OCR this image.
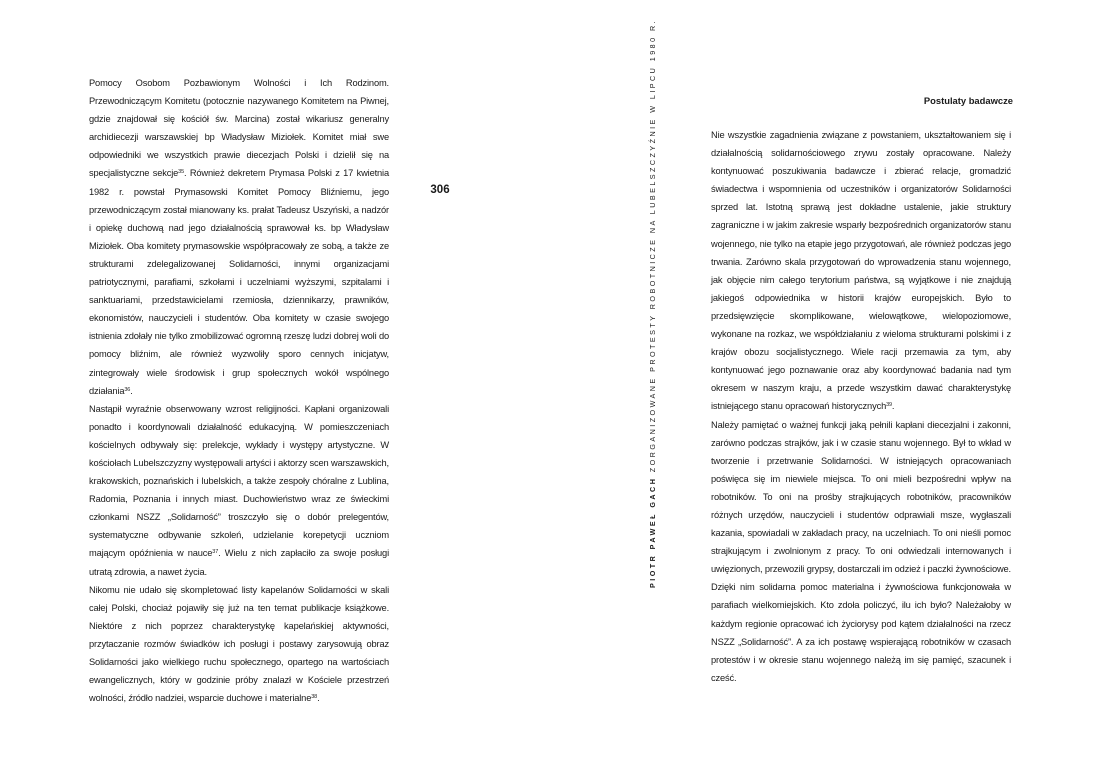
Pomocy Osobom Pozbawionym Wolności i Ich Rodzinom. Przewodniczącym Komitetu (potocznie nazywanego Komitetem na Piwnej, gdzie znajdował się kościół św. Marcina) został wikariusz generalny archidiecezji warszawskiej bp Władysław Miziołek. Komitet miał swe odpowiedniki we wszystkich prawie diecezjach Polski i dzielił się na specjalistyczne sekcje$^{35}$. Również dekretem Prymasa Polski z 17 kwietnia 1982 r. powstał Prymasowski Komitet Pomocy Bliźniemu, jego przewodniczącym został mianowany ks. prałat Tadeusz Uszyński, a nadzór i opiekę duchową nad jego działalnością sprawował ks. bp Władysław Miziołek. Oba komitety prymasowskie współpracowały ze sobą, a także ze strukturami zdelegalizowanej Solidarności, innymi organizacjami patriotycznymi, parafiami, szkołami i uczelniami wyższymi, szpitalami i sanktuariami, przedstawicielami rzemiosła, dziennikarzy, prawników, ekonomistów, nauczycieli i studentów. Oba komitety w czasie swojego istnienia zdołały nie tylko zmobilizować ogromną rzeszę ludzi dobrej woli do pomocy bliźnim, ale również wyzwoliły sporo cennych inicjatyw, zintegrowały wiele środowisk i grup społecznych wokół wspólnego działania$^{36}$.

Nastąpił wyraźnie obserwowany wzrost religijności. Kapłani organizowali ponadto i koordynowali działalność edukacyjną. W pomieszczeniach kościelnych odbywały się: prelekcje, wykłady i występy artystyczne. W kościołach Lubelszczyzny występowali artyści i aktorzy scen warszawskich, krakowskich, poznańskich i lubelskich, a także zespoły chóralne z Lublina, Radomia, Poznania i innych miast. Duchowieństwo wraz ze świeckimi członkami NSZZ „Solidarność” troszczyło się o dobór prelegentów, systematyczne odbywanie szkoleń, udzielanie korepetycji uczniom mającym opóźnienia w nauce$^{37}$. Wielu z nich zapłaciło za swoje posługi utratą zdrowia, a nawet życia.

Nikomu nie udało się skompletować listy kapelanów Solidarności w skali całej Polski, chociaż pojawiły się już na ten temat publikacje książkowe. Niektóre z nich poprzez charakterystykę kapelańskiej aktywności, przytaczanie rozmów świadków ich posługi i postawy zarysowują obraz Solidarności jako wielkiego ruchu społecznego, opartego na wartościach ewangelicznych, który w godzinie próby znalazł w Kościele przestrzeń wolności, źródło nadziei, wsparcie duchowe i materialne$^{38}$.

306
PIOTR PAWEŁ GACH ZORGANIZOWANE PROTESTY ROBOTNICZE NA LUBELSZCZYŹNIE W LIPCU 1980 R.	Postulaty badawcze

Nie wszystkie zagadnienia związane z powstaniem, ukształtowaniem się i działalnością solidarnościowego zrywu zostały opracowane. Należy kontynuować poszukiwania badawcze i zbierać relacje, gromadzić świadectwa i wspomnienia od uczestników i organizatorów Solidarności sprzed lat. Istotną sprawą jest dokładne ustalenie, jakie struktury zagraniczne i w jakim zakresie wsparły bezpośrednich organizatorów stanu wojennego, nie tylko na etapie jego przygotowań, ale również podczas jego trwania. Zarówno skala przygotowań do wprowadzenia stanu wojennego, jak objęcie nim całego terytorium państwa, są wyjątkowe i nie znajdują jakiegoś odpowiednika w historii krajów europejskich. Było to przedsięwzięcie skomplikowane, wielowątkowe, wielopoziomowe, wykonane na rozkaz, we współdziałaniu z wieloma strukturami polskimi i z krajów obozu socjalistycznego. Wiele racji przemawia za tym, aby kontynuować jego poznawanie oraz aby koordynować badania nad tym okresem w naszym kraju, a przede wszystkim dawać charakterystykę istniejącego stanu opracowań historycznych$^{39}$.

Należy pamiętać o ważnej funkcji jaką pełnili kapłani diecezjalni i zakonni, zarówno podczas strajków, jak i w czasie stanu wojennego. Był to wkład w tworzenie i przetrwanie Solidarności. W istniejących opracowaniach poświęca się im niewiele miejsca. To oni mieli bezpośredni wpływ na robotników. To oni na prośby strajkujących robotników, pracowników różnych urzędów, nauczycieli i studentów odprawiali msze, wygłaszali kazania, spowiadali w zakładach pracy, na uczelniach. To oni nieśli pomoc strajkującym i zwolnionym z pracy. To oni odwiedzali internowanych i uwięzionych, przewozili grypsy, dostarczali im odzież i paczki żywnościowe. Dzięki nim solidarna pomoc materialna i żywnościowa funkcjonowała w parafiach wielkomiejskich. Kto zdoła policzyć, ilu ich było? Należałoby w każdym regionie opracować ich życiorysy pod kątem działalności na rzecz NSZZ „Solidarność”. A za ich postawę wspierającą robotników w czasach protestów i w okresie stanu wojennego należą im się pamięć, szacunek i cześć.
